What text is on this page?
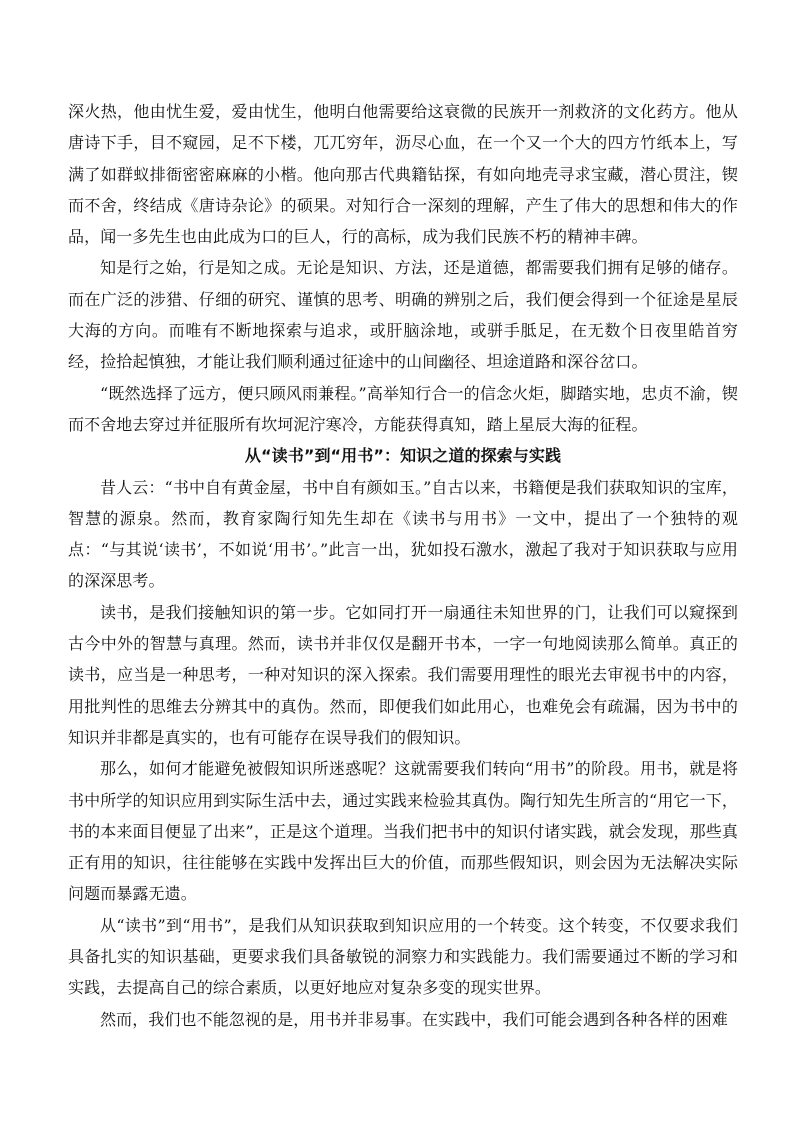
深火热，他由忧生爱，爱由忧生，他明白他需要给这衰微的民族开一剂救济的文化药方。他从唐诗下手，目不窥园，足不下楼，兀兀穷年，沥尽心血，在一个又一个大的四方竹纸本上，写满了如群蚁排衙密密麻麻的小楷。他向那古代典籍钻探，有如向地壳寻求宝藏，潜心贯注，锲而不舍，终结成《唐诗杂论》的硕果。对知行合一深刻的理解，产生了伟大的思想和伟大的作品，闻一多先生也由此成为口的巨人，行的高标，成为我们民族不朽的精神丰碑。

知是行之始，行是知之成。无论是知识、方法，还是道德，都需要我们拥有足够的储存。而在广泛的涉猎、仔细的研究、谨慎的思考、明确的辨别之后，我们便会得到一个征途是星辰大海的方向。而唯有不断地探索与追求，或肝脑涂地，或骈手胝足，在无数个日夜里皓首穷经，捡拾起慎独，才能让我们顺利通过征途中的山间幽径、坦途道路和深谷岔口。

“既然选择了远方，便只顾风雨兼程。”高举知行合一的信念火炬，脚踏实地，忠贞不渝，锲而不舍地去穿过并征服所有坎坷泥泞寒冷，方能获得真知，踏上星辰大海的征程。

从“读书”到“用书”：知识之道的探索与实践

昔人云：“书中自有黄金屋，书中自有颜如玉。”自古以来，书籍便是我们获取知识的宝库，智慧的源泉。然而，教育家陶行知先生却在《读书与用书》一文中，提出了一个独特的观点：“与其说‘读书’，不如说‘用书’。”此言一出，犹如投石激水，激起了我对于知识获取与应用的深深思考。

读书，是我们接触知识的第一步。它如同打开一扇通往未知世界的门，让我们可以窥探到古今中外的智慧与真理。然而，读书并非仅仅是翻开书本，一字一句地阅读那么简单。真正的读书，应当是一种思考，一种对知识的深入探索。我们需要用理性的眼光去审视书中的内容，用批判性的思维去分辨其中的真伪。然而，即便我们如此用心，也难免会有疏漏，因为书中的知识并非都是真实的，也有可能存在误导我们的假知识。

那么，如何才能避免被假知识所迷惑呢？这就需要我们转向“用书”的阶段。用书，就是将书中所学的知识应用到实际生活中去，通过实践来检验其真伪。陶行知先生所言的“用它一下，书的本来面目便显了出来”，正是这个道理。当我们把书中的知识付诸实践，就会发现，那些真正有用的知识，往往能够在实践中发挥出巨大的价值，而那些假知识，则会因为无法解决实际问题而暴露无遗。

从“读书”到“用书”，是我们从知识获取到知识应用的一个转变。这个转变，不仅要求我们具备扎实的知识基础，更要求我们具备敏锐的洞察力和实践能力。我们需要通过不断的学习和实践，去提高自己的综合素质，以更好地应对复杂多变的现实世界。

然而，我们也不能忽视的是，用书并非易事。在实践中，我们可能会遇到各种各样的困难
